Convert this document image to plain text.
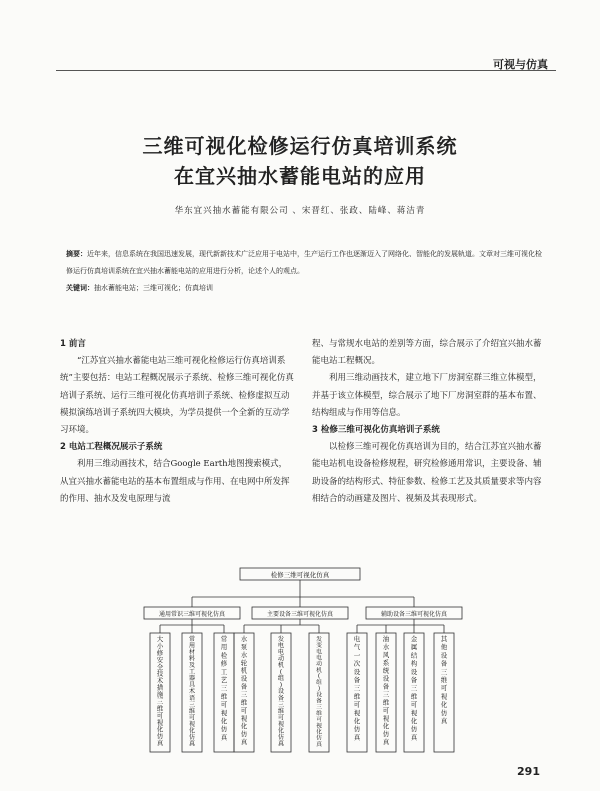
可视与仿真
三维可视化检修运行仿真培训系统
在宜兴抽水蓄能电站的应用
华东宜兴抽水蓄能有限公司 、宋晋红、张政、陆峰、蒋洁青
摘要：近年来，信息系统在我国迅速发展，现代新新技术广泛应用于电站中，生产运行工作也逐渐迈入了网络化、智能化的发展轨道。文章对三维可视化检修运行仿真培训系统在宜兴抽水蓄能电站的应用进行分析，论述个人的观点。
关键词：抽水蓄能电站；三维可视化；仿真培训

1 前言

“江苏宜兴抽水蓄能电站三维可视化检修运行仿真培训系统”主要包括：电站工程概况展示子系统、检修三维可视化仿真培训子系统、运行三维可视化仿真培训子系统、检修虚拟互动模拟演练培训子系统四大模块，为学员提供一个全新的互动学习环境。

2 电站工程概况展示子系统

利用三维动画技术，结合Google Earth地图搜索模式，从宜兴抽水蓄能电站的基本布置组成与作用、在电网中所发挥的作用、抽水及发电原理与流

程、与常规水电站的差别等方面，综合展示了介绍宜兴抽水蓄能电站工程概况。

利用三维动画技术，建立地下厂房洞室群三维立体模型，并基于该立体模型，综合展示了地下厂房洞室群的基本布置、结构组成与作用等信息。

3 检修三维可视化仿真培训子系统

以检修三维可视化仿真培训为目的，结合江苏宜兴抽水蓄能电站机电设备检修规程，研究检修通用常识，主要设备、辅助设备的结构形式、特征参数、检修工艺及其质量要求等内容相结合的动画建及图片、视频及其表现形式。

检修三维可视化仿真
通用常识三维可视化仿真
大小修安全技术措施三维可视化仿真
常用材料及工器具术语三维可视化仿真
常用检修工艺三维可视化仿真
主要设备三维可视化仿真
水泵水轮机设备三维可视化仿真
发电电动机(组)设备三维可视化仿真
发变电电动机(组)设备三维可视化仿真
辅助设备三维可视化仿真
电气一次设备三维可视化仿真
油水风系统设备三维可视化仿真
金属结构设备三维可视化仿真
其他设备三维可视化仿真
291
